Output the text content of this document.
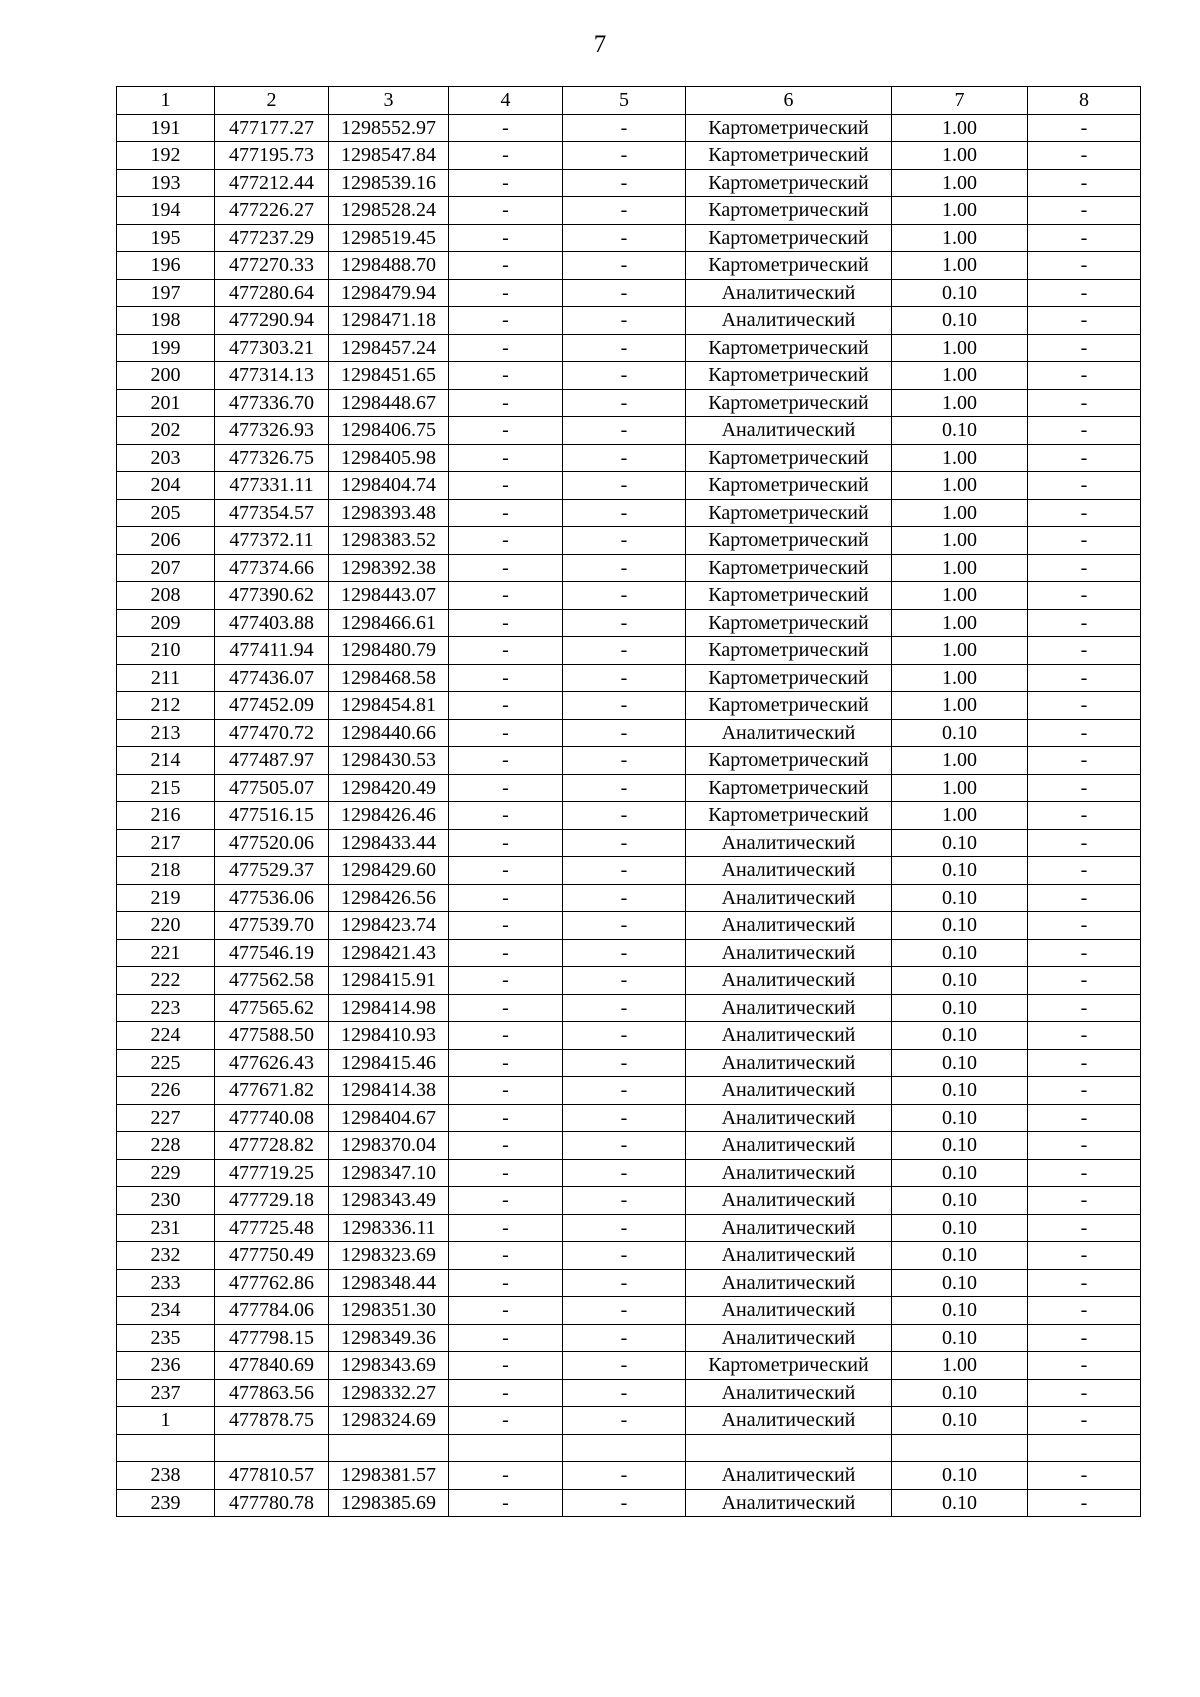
7
1	2	3	4	5	6	7	8
191	477177.27	1298552.97	-	-	Картометрический	1.00	-
192	477195.73	1298547.84	-	-	Картометрический	1.00	-
193	477212.44	1298539.16	-	-	Картометрический	1.00	-
194	477226.27	1298528.24	-	-	Картометрический	1.00	-
195	477237.29	1298519.45	-	-	Картометрический	1.00	-
196	477270.33	1298488.70	-	-	Картометрический	1.00	-
197	477280.64	1298479.94	-	-	Аналитический	0.10	-
198	477290.94	1298471.18	-	-	Аналитический	0.10	-
199	477303.21	1298457.24	-	-	Картометрический	1.00	-
200	477314.13	1298451.65	-	-	Картометрический	1.00	-
201	477336.70	1298448.67	-	-	Картометрический	1.00	-
202	477326.93	1298406.75	-	-	Аналитический	0.10	-
203	477326.75	1298405.98	-	-	Картометрический	1.00	-
204	477331.11	1298404.74	-	-	Картометрический	1.00	-
205	477354.57	1298393.48	-	-	Картометрический	1.00	-
206	477372.11	1298383.52	-	-	Картометрический	1.00	-
207	477374.66	1298392.38	-	-	Картометрический	1.00	-
208	477390.62	1298443.07	-	-	Картометрический	1.00	-
209	477403.88	1298466.61	-	-	Картометрический	1.00	-
210	477411.94	1298480.79	-	-	Картометрический	1.00	-
211	477436.07	1298468.58	-	-	Картометрический	1.00	-
212	477452.09	1298454.81	-	-	Картометрический	1.00	-
213	477470.72	1298440.66	-	-	Аналитический	0.10	-
214	477487.97	1298430.53	-	-	Картометрический	1.00	-
215	477505.07	1298420.49	-	-	Картометрический	1.00	-
216	477516.15	1298426.46	-	-	Картометрический	1.00	-
217	477520.06	1298433.44	-	-	Аналитический	0.10	-
218	477529.37	1298429.60	-	-	Аналитический	0.10	-
219	477536.06	1298426.56	-	-	Аналитический	0.10	-
220	477539.70	1298423.74	-	-	Аналитический	0.10	-
221	477546.19	1298421.43	-	-	Аналитический	0.10	-
222	477562.58	1298415.91	-	-	Аналитический	0.10	-
223	477565.62	1298414.98	-	-	Аналитический	0.10	-
224	477588.50	1298410.93	-	-	Аналитический	0.10	-
225	477626.43	1298415.46	-	-	Аналитический	0.10	-
226	477671.82	1298414.38	-	-	Аналитический	0.10	-
227	477740.08	1298404.67	-	-	Аналитический	0.10	-
228	477728.82	1298370.04	-	-	Аналитический	0.10	-
229	477719.25	1298347.10	-	-	Аналитический	0.10	-
230	477729.18	1298343.49	-	-	Аналитический	0.10	-
231	477725.48	1298336.11	-	-	Аналитический	0.10	-
232	477750.49	1298323.69	-	-	Аналитический	0.10	-
233	477762.86	1298348.44	-	-	Аналитический	0.10	-
234	477784.06	1298351.30	-	-	Аналитический	0.10	-
235	477798.15	1298349.36	-	-	Аналитический	0.10	-
236	477840.69	1298343.69	-	-	Картометрический	1.00	-
237	477863.56	1298332.27	-	-	Аналитический	0.10	-
1	477878.75	1298324.69	-	-	Аналитический	0.10	-

238	477810.57	1298381.57	-	-	Аналитический	0.10	-
239	477780.78	1298385.69	-	-	Аналитический	0.10	-
